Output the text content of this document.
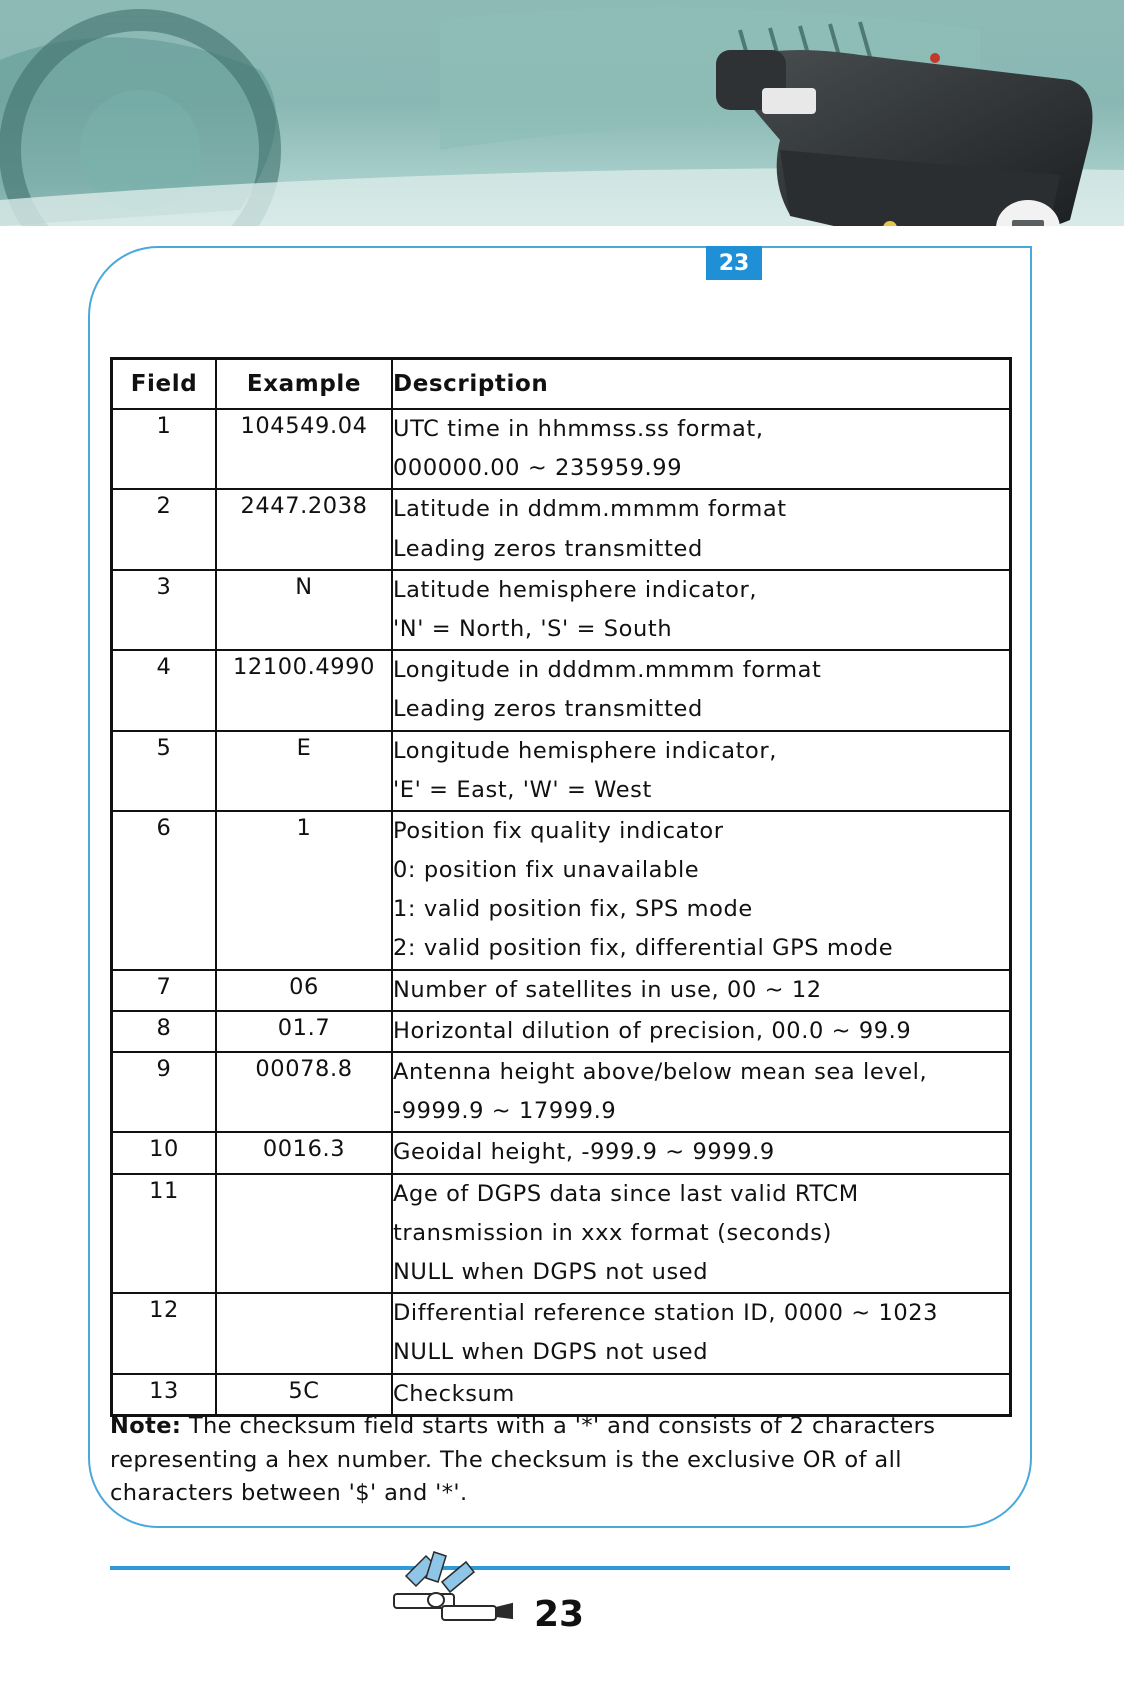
23
Field	Example	Description

1	104549.04	UTC time in hhmmss.ss format,
000000.00 ~ 235959.99

2	2447.2038	Latitude in ddmm.mmmm format
Leading zeros transmitted

3	N	Latitude hemisphere indicator,
'N' = North, 'S' = South

4	12100.4990	Longitude in dddmm.mmmm format
Leading zeros transmitted

5	E	Longitude hemisphere indicator,
'E' = East, 'W' = West

6	1	Position fix quality indicator
0: position fix unavailable
1: valid position fix, SPS mode
2: valid position fix, differential GPS mode

7	06	Number of satellites in use, 00 ~ 12

8	01.7	Horizontal dilution of precision, 00.0 ~ 99.9

9	00078.8	Antenna height above/below mean sea level,
-9999.9 ~ 17999.9

10	0016.3	Geoidal height, -999.9 ~ 9999.9

11		Age of DGPS data since last valid RTCM
transmission in xxx format (seconds)
NULL when DGPS not used

12		Differential reference station ID, 0000 ~ 1023
NULL when DGPS not used

13	5C	Checksum
Note: The checksum field starts with a '*' and consists of 2 characters representing a hex number. The checksum is the exclusive OR of all characters between '$' and '*'.
23
